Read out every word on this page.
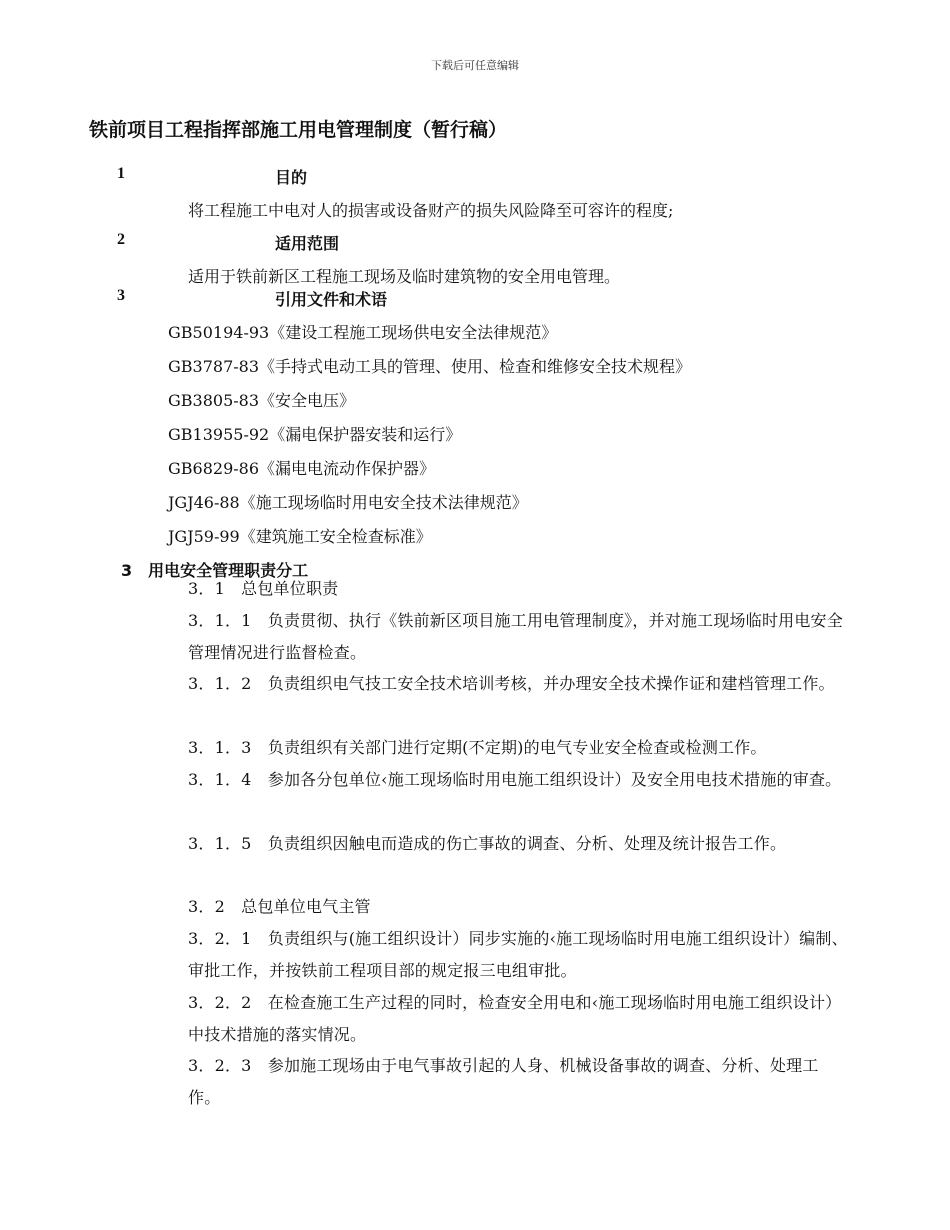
下载后可任意编辑
铁前项目工程指挥部施工用电管理制度（暂行稿）
1	目的
将工程施工中电对人的损害或设备财产的损失风险降至可容许的程度;
2	适用范围
适用于铁前新区工程施工现场及临时建筑物的安全用电管理。
3	引用文件和术语
GB50194-93《建设工程施工现场供电安全法律规范》
GB3787-83《手持式电动工具的管理、使用、检查和维修安全技术规程》
GB3805-83《安全电压》
GB13955-92《漏电保护器安装和运行》
GB6829-86《漏电电流动作保护器》
JGJ46-88《施工现场临时用电安全技术法律规范》
JGJ59-99《建筑施工安全检查标准》
3　用电安全管理职责分工
3．1　总包单位职责
3．1．1　负责贯彻、执行《铁前新区项目施工用电管理制度》，并对施工现场临时用电安全管理情况进行监督检查。
3．1．2　负责组织电气技工安全技术培训考核，并办理安全技术操作证和建档管理工作。
3．1．3　负责组织有关部门进行定期(不定期)的电气专业安全检查或检测工作。
3．1．4　参加各分包单位‹施工现场临时用电施工组织设计）及安全用电技术措施的审查。
3．1．5　负责组织因触电而造成的伤亡事故的调查、分析、处理及统计报告工作。
3．2　总包单位电气主管
3．2．1　负责组织与(施工组织设计）同步实施的‹施工现场临时用电施工组织设计）编制、审批工作，并按铁前工程项目部的规定报三电组审批。
3．2．2　在检查施工生产过程的同时，检查安全用电和‹施工现场临时用电施工组织设计）中技术措施的落实情况。
3．2．3　参加施工现场由于电气事故引起的人身、机械设备事故的调查、分析、处理工作。
